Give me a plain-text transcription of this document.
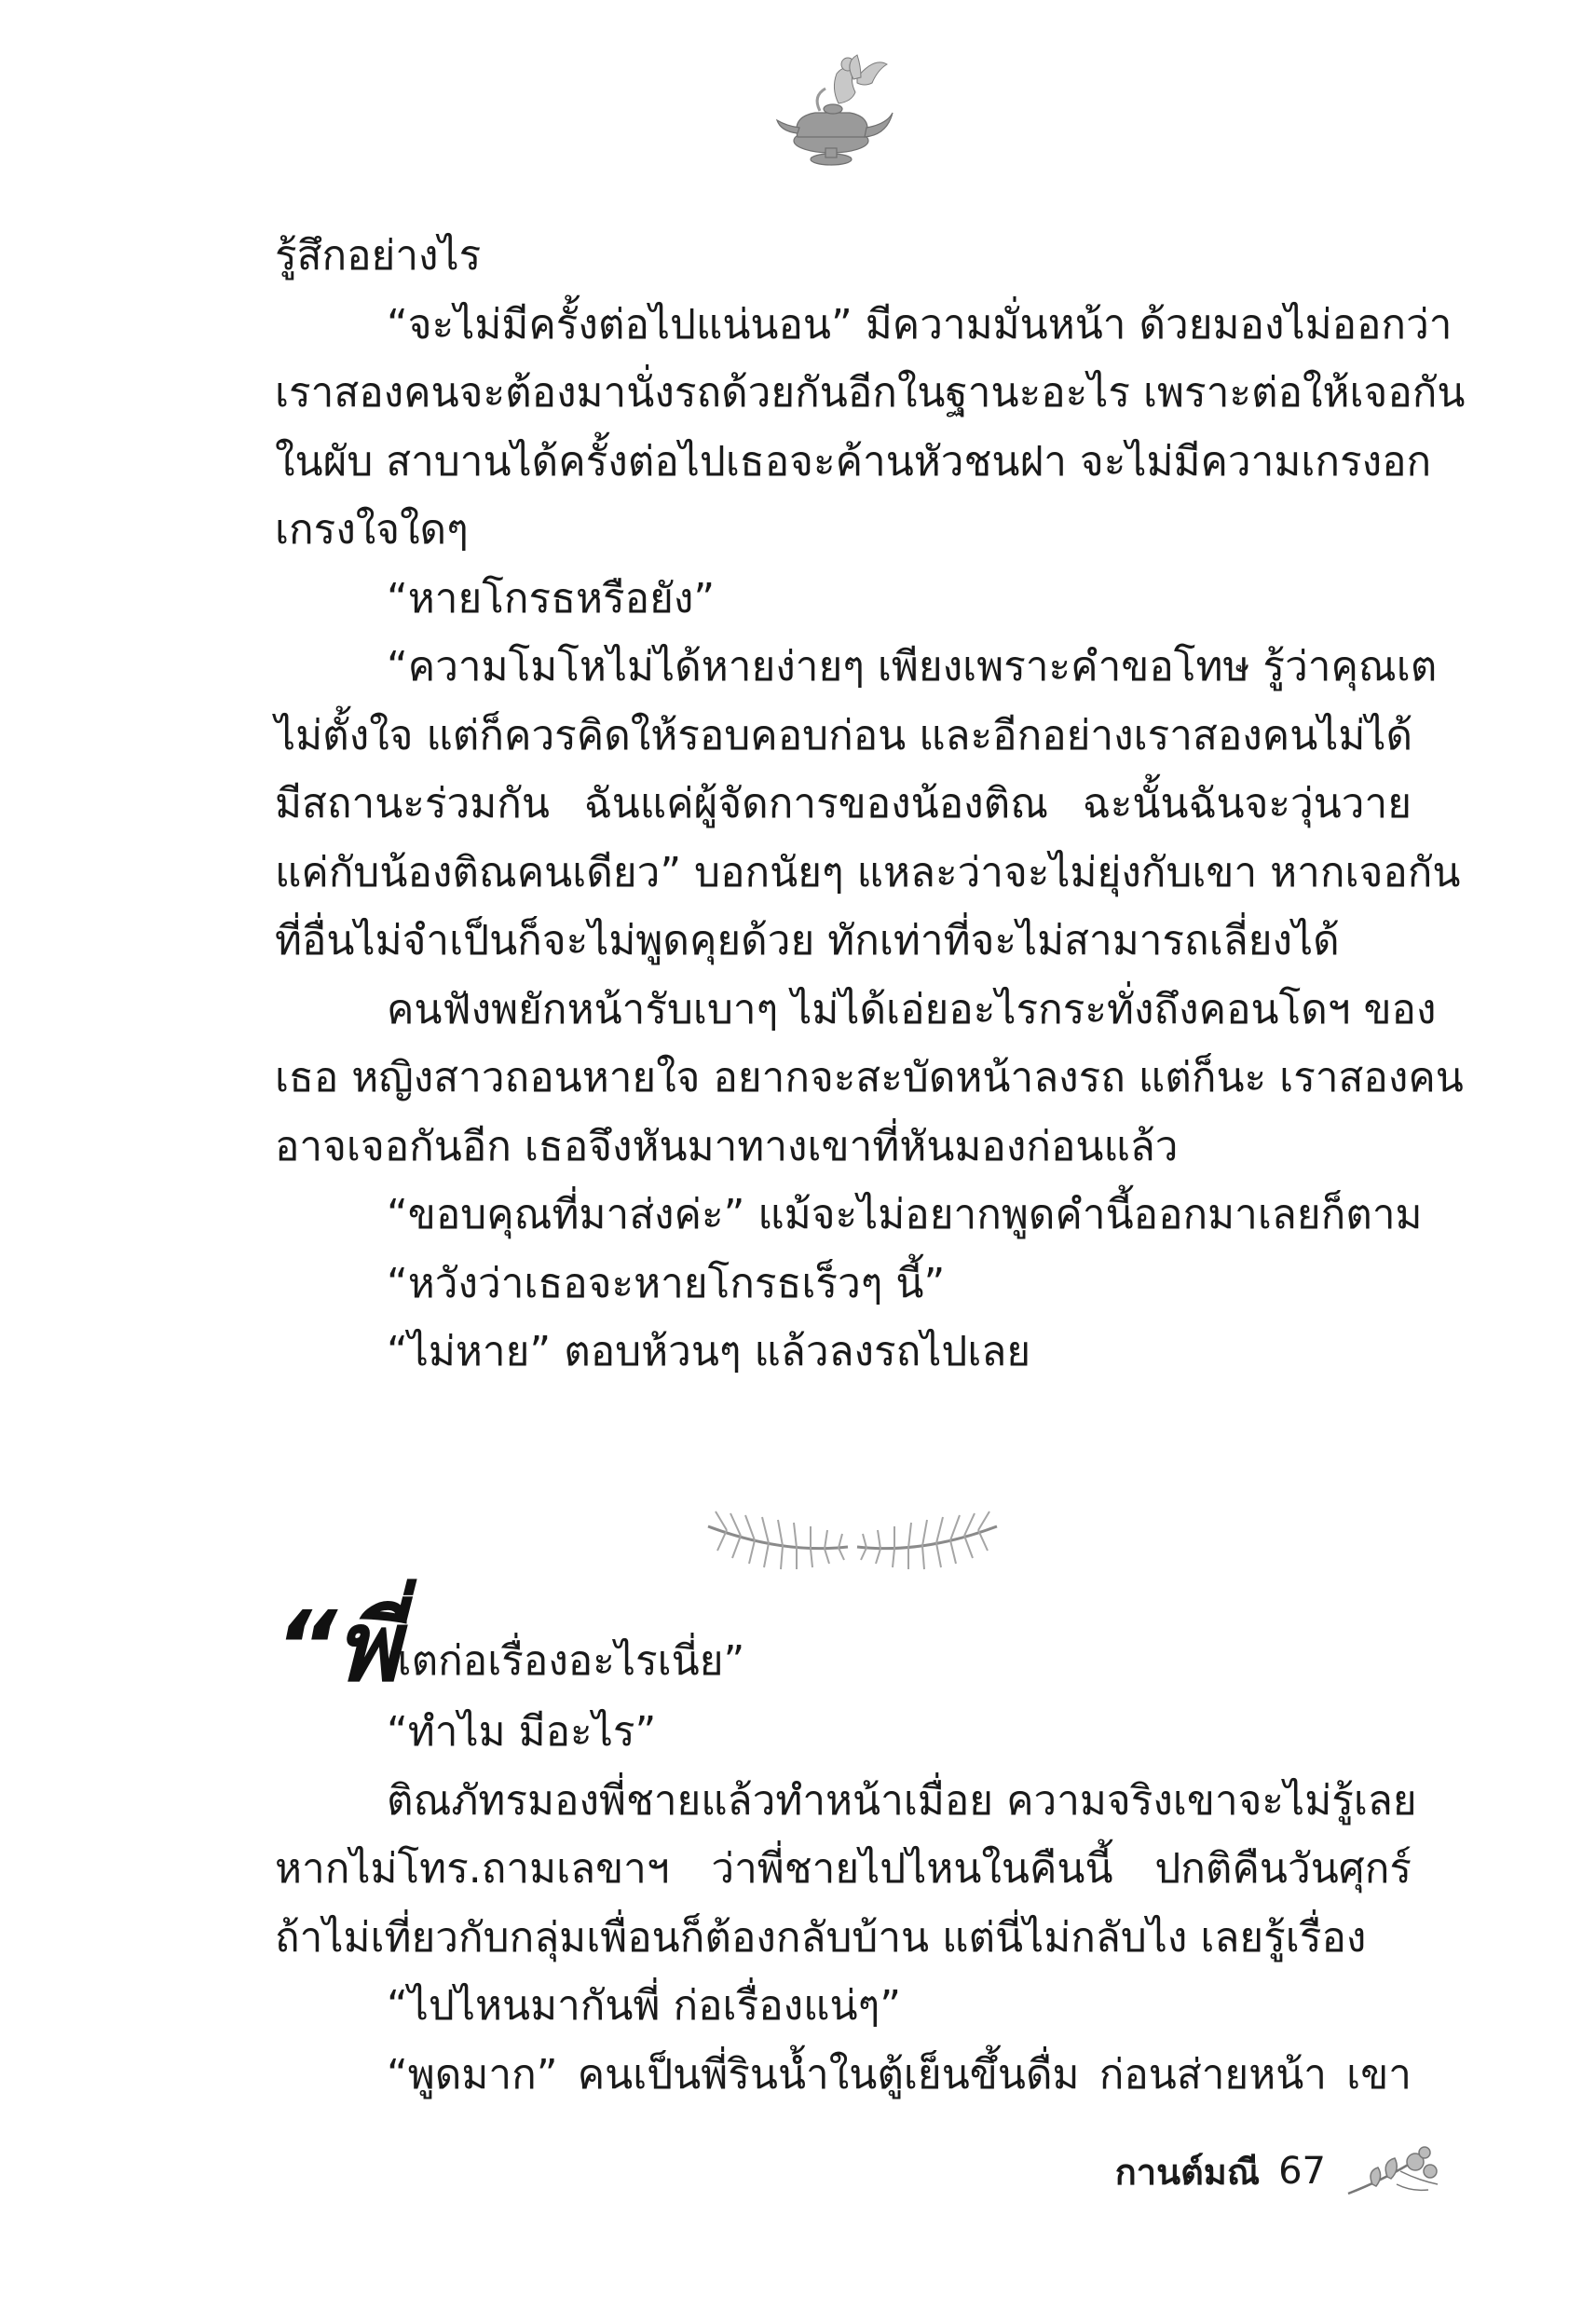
รู้สึกอย่างไร
“จะไม่มีครั้งต่อไปแน่นอน” มีความมั่นหน้า ด้วยมองไม่ออกว่า
เราสองคนจะต้องมานั่งรถด้วยกันอีกในฐานะอะไร เพราะต่อให้เจอกัน
ในผับ สาบานได้ครั้งต่อไปเธอจะค้านหัวชนฝา จะไม่มีความเกรงอก
เกรงใจใดๆ
“หายโกรธหรือยัง”
“ความโมโหไม่ได้หายง่ายๆ เพียงเพราะคำขอโทษ รู้ว่าคุณเต
ไม่ตั้งใจ แต่ก็ควรคิดให้รอบคอบก่อน และอีกอย่างเราสองคนไม่ได้
มีสถานะร่วมกัน ฉันแค่ผู้จัดการของน้องติณ ฉะนั้นฉันจะวุ่นวาย
แค่กับน้องติณคนเดียว” บอกนัยๆ แหละว่าจะไม่ยุ่งกับเขา หากเจอกัน
ที่อื่นไม่จำเป็นก็จะไม่พูดคุยด้วย ทักเท่าที่จะไม่สามารถเลี่ยงได้
คนฟังพยักหน้ารับเบาๆ ไม่ได้เอ่ยอะไรกระทั่งถึงคอนโดฯ ของ
เธอ หญิงสาวถอนหายใจ อยากจะสะบัดหน้าลงรถ แต่ก็นะ เราสองคน
อาจเจอกันอีก เธอจึงหันมาทางเขาที่หันมองก่อนแล้ว
“ขอบคุณที่มาส่งค่ะ” แม้จะไม่อยากพูดคำนี้ออกมาเลยก็ตาม
“หวังว่าเธอจะหายโกรธเร็วๆ นี้”
“ไม่หาย” ตอบห้วนๆ แล้วลงรถไปเลย
“พี่เตก่อเรื่องอะไรเนี่ย”
“ทำไม มีอะไร”
ติณภัทรมองพี่ชายแล้วทำหน้าเมื่อย ความจริงเขาจะไม่รู้เลย
หากไม่โทร.ถามเลขาฯ ว่าพี่ชายไปไหนในคืนนี้ ปกติคืนวันศุกร์
ถ้าไม่เที่ยวกับกลุ่มเพื่อนก็ต้องกลับบ้าน แต่นี่ไม่กลับไง เลยรู้เรื่อง
“ไปไหนมากันพี่ ก่อเรื่องแน่ๆ”
“พูดมาก” คนเป็นพี่รินน้ำในตู้เย็นขึ้นดื่ม ก่อนส่ายหน้า เขา
กานต์มณี 67
